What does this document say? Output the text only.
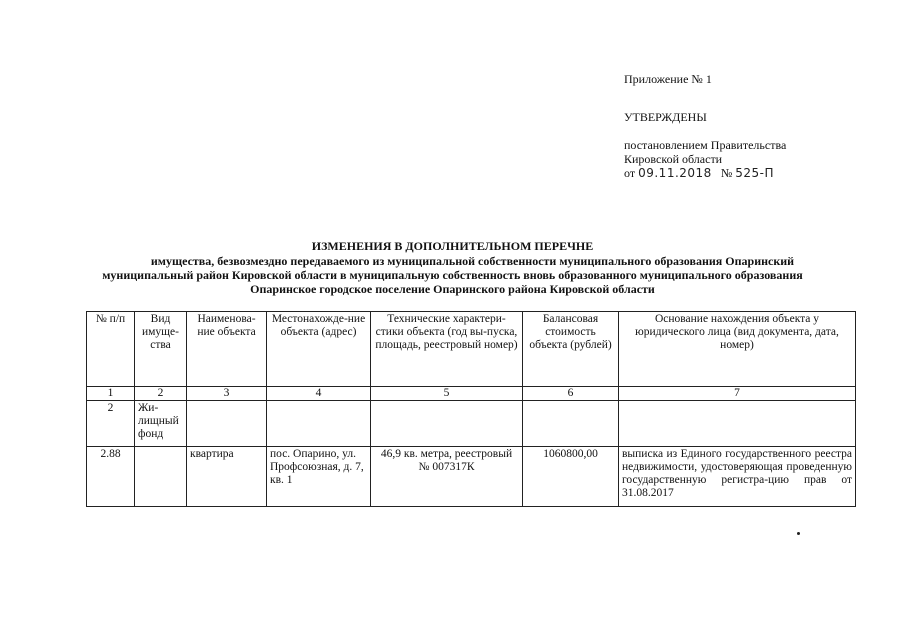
Приложение № 1
УТВЕРЖДЕНЫ
постановлением Правительства
Кировской области
от 09.11.2018 № 525-П
ИЗМЕНЕНИЯ В ДОПОЛНИТЕЛЬНОМ ПЕРЕЧНЕ
имущества, безвозмездно передаваемого из муниципальной собственности муниципального образования Опаринский
муниципальный район Кировской области в муниципальную собственность вновь образованного муниципального образования
Опаринское городское поселение Опаринского района Кировской области
№ п/п	Вид имуще-ства	Наименова-ние объекта	Местонахожде-ние объекта (адрес)	Технические характери-стики объекта (год вы-пуска, площадь, реестровый номер)	Балансовая стоимость объекта (рублей)	Основание нахождения объекта у юридического лица (вид документа, дата, номер)
1	2	3	4	5	6	7
2	Жи-лищный фонд					
2.88		квартира	пос. Опарино, ул. Профсоюзная, д. 7, кв. 1	46,9 кв. метра, реестровый № 007317К	1060800,00	выписка из Единого государственного реестра недвижимости, удостоверяющая проведенную государственную регистра-цию прав от 31.08.2017
